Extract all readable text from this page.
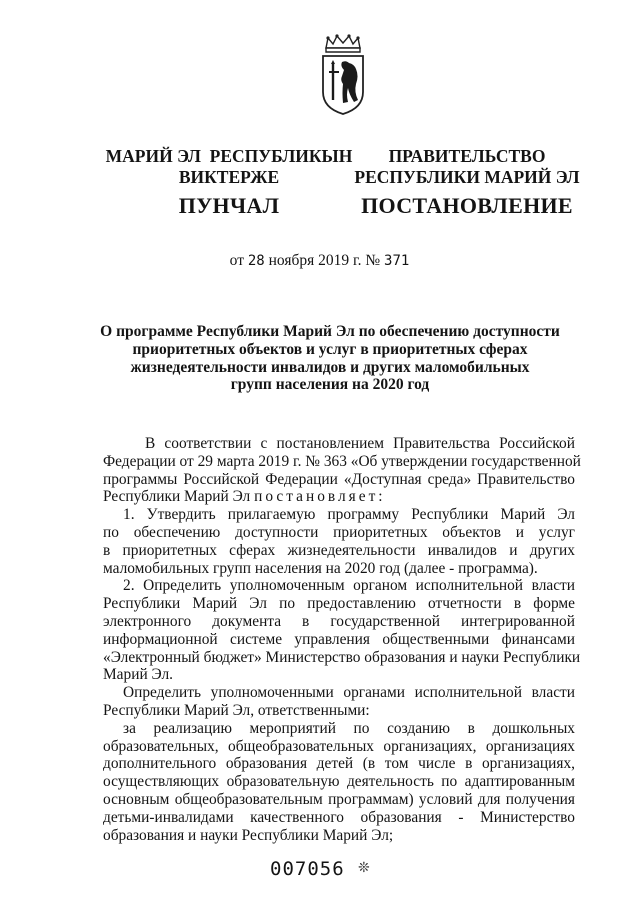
МАРИЙ ЭЛ  РЕСПУБЛИКЫН
ВИКТЕРЖЕ
ПУНЧАЛ
ПРАВИТЕЛЬСТВО
РЕСПУБЛИКИ МАРИЙ ЭЛ
ПОСТАНОВЛЕНИЕ
от 28 ноября 2019 г. № 371
О программе Республики Марий Эл по обеспечению доступности
приоритетных объектов и услуг в приоритетных сферах
жизнедеятельности инвалидов и других маломобильных
групп населения на 2020 год
В соответствии с постановлением Правительства Российской
Федерации от 29 марта 2019 г. № 363 «Об утверждении государственной
программы Российской Федерации «Доступная среда» Правительство
Республики Марий Эл постановляет:
1. Утвердить прилагаемую программу Республики Марий Эл
по обеспечению доступности приоритетных объектов и услуг
в приоритетных сферах жизнедеятельности инвалидов и других
маломобильных групп населения на 2020 год (далее - программа).
2. Определить уполномоченным органом исполнительной власти
Республики Марий Эл по предоставлению отчетности в форме
электронного документа в государственной интегрированной
информационной системе управления общественными финансами
«Электронный бюджет» Министерство образования и науки Республики
Марий Эл.
Определить уполномоченными органами исполнительной власти
Республики Марий Эл, ответственными:
за реализацию мероприятий по созданию в дошкольных
образовательных, общеобразовательных организациях, организациях
дополнительного образования детей (в том числе в организациях,
осуществляющих образовательную деятельность по адаптированным
основным общеобразовательным программам) условий для получения
детьми-инвалидами качественного образования - Министерство
образования и науки Республики Марий Эл;
007056 ❊
